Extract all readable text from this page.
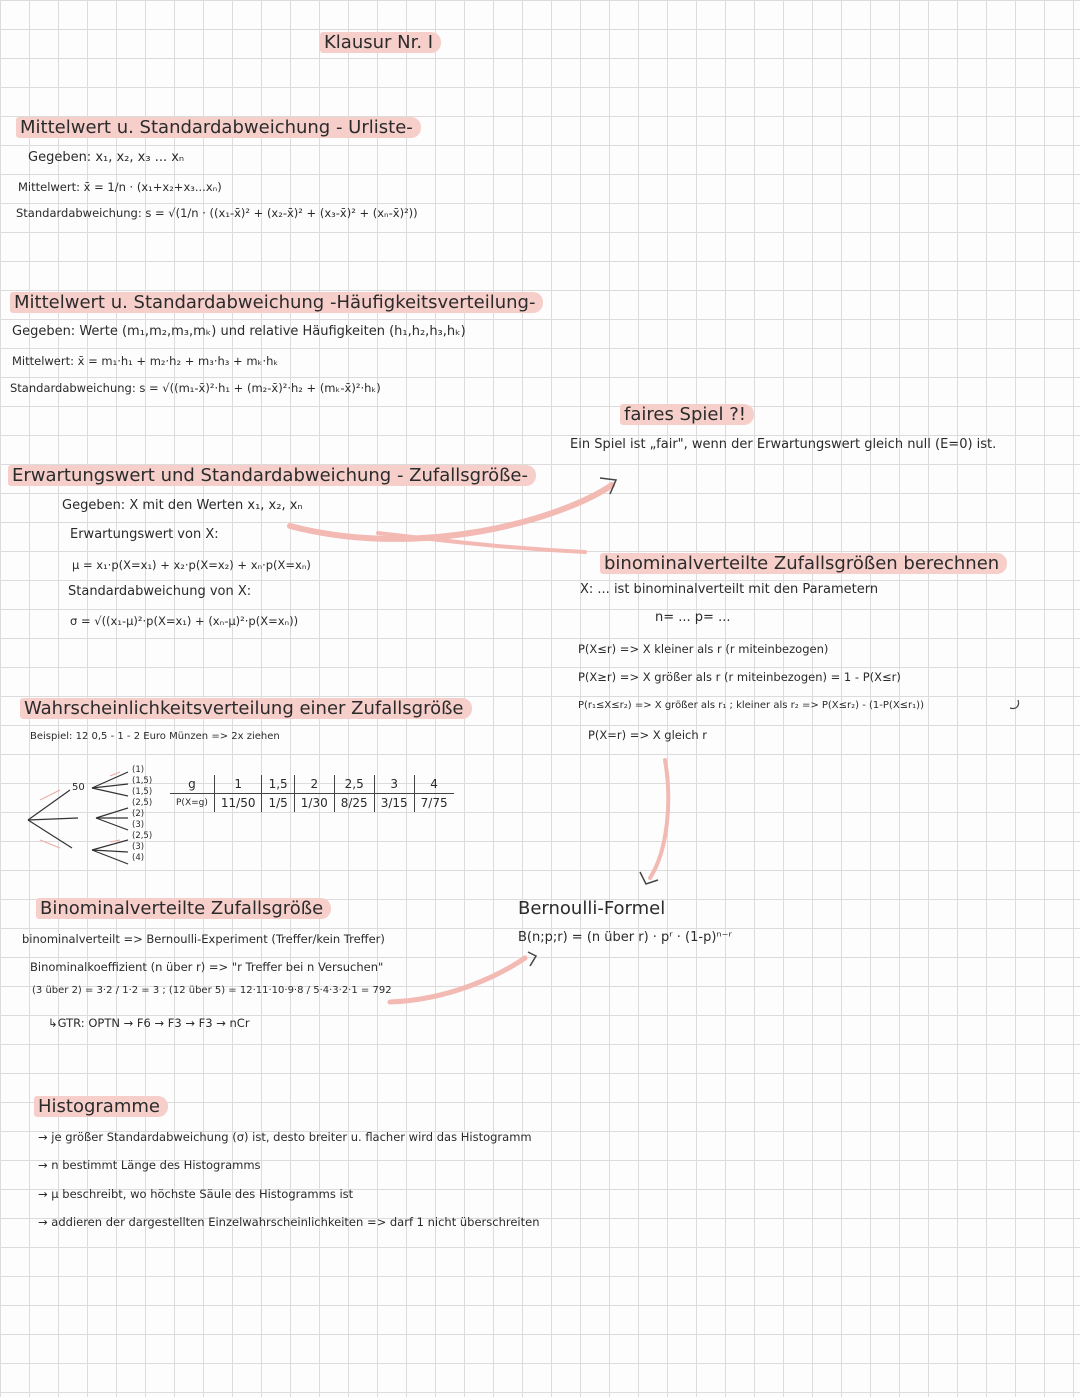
Klausur Nr. I
Mittelwert u. Standardabweichung - Urliste-
Gegeben: x₁, x₂, x₃ ... xₙ
Mittelwert: x̄ = 1/n · (x₁+x₂+x₃...xₙ)
Standardabweichung: s = √(1/n · ((x₁-x̄)² + (x₂-x̄)² + (x₃-x̄)² + (xₙ-x̄)²))
Mittelwert u. Standardabweichung -Häufigkeitsverteilung-
Gegeben: Werte (m₁,m₂,m₃,mₖ) und relative Häufigkeiten (h₁,h₂,h₃,hₖ)
Mittelwert: x̄ = m₁·h₁ + m₂·h₂ + m₃·h₃ + mₖ·hₖ
Standardabweichung: s = √((m₁-x̄)²·h₁ + (m₂-x̄)²·h₂ + (mₖ-x̄)²·hₖ)
faires Spiel ?!
Ein Spiel ist „fair", wenn der Erwartungswert gleich null (E=0) ist.
Erwartungswert und Standardabweichung - Zufallsgröße-
Gegeben: X mit den Werten x₁, x₂, xₙ
Erwartungswert von X:
μ = x₁·p(X=x₁) + x₂·p(X=x₂) + xₙ·p(X=xₙ)
Standardabweichung von X:
σ = √((x₁-μ)²·p(X=x₁) + (xₙ-μ)²·p(X=xₙ))
binominalverteilte Zufallsgrößen berechnen
X: ... ist binominalverteilt mit den Parametern
n= ... p= ...
P(X≤r) => X kleiner als r (r miteinbezogen)
P(X≥r) => X größer als r (r miteinbezogen) = 1 - P(X≤r)
P(r₁≤X≤r₂) => X größer als r₁ ; kleiner als r₂ => P(X≤r₂) - (1-P(X≤r₁))
P(X=r) => X gleich r
Wahrscheinlichkeitsverteilung einer Zufallsgröße
Beispiel: 12 0,5 - 1 - 2 Euro Münzen => 2x ziehen
50
(1)
(1,5)
(1,5)
(2,5)
(2)
(3)
(2,5)
(3)
(4)
g	1	1,5	2	2,5	3	4
P(X=g)	11/50	1/5	1/30	8/25	3/15	7/75
Binominalverteilte Zufallsgröße
binominalverteilt => Bernoulli-Experiment (Treffer/kein Treffer)
Binominalkoeffizient (n über r) => "r Treffer bei n Versuchen"
(3 über 2) = 3·2 / 1·2 = 3 ; (12 über 5) = 12·11·10·9·8 / 5·4·3·2·1 = 792
↳GTR: OPTN → F6 → F3 → F3 → nCr
Bernoulli-Formel
B(n;p;r) = (n über r) · pʳ · (1-p)ⁿ⁻ʳ
Histogramme
→ je größer Standardabweichung (σ) ist, desto breiter u. flacher wird das Histogramm
→ n bestimmt Länge des Histogramms
→ μ beschreibt, wo höchste Säule des Histogramms ist
→ addieren der dargestellten Einzelwahrscheinlichkeiten => darf 1 nicht überschreiten
